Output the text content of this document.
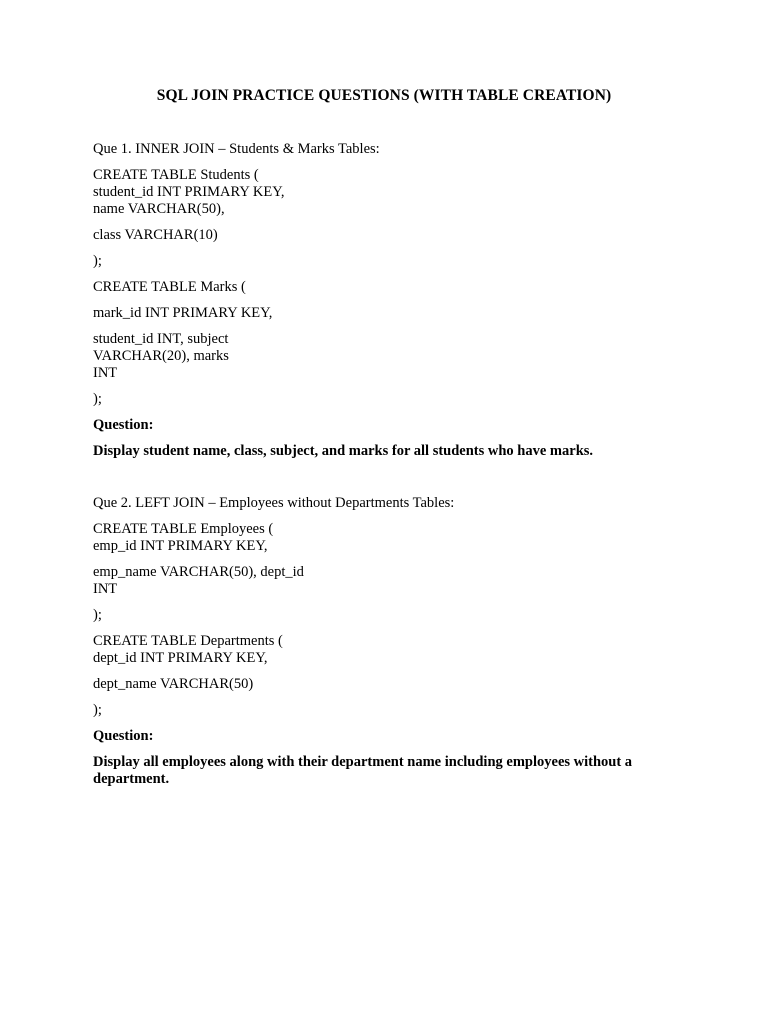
SQL JOIN PRACTICE QUESTIONS (WITH TABLE CREATION)
Que 1. INNER JOIN – Students & Marks Tables:
CREATE TABLE Students (
student_id INT PRIMARY KEY,
name VARCHAR(50),
class VARCHAR(10)
);
CREATE TABLE Marks (
mark_id INT PRIMARY KEY,
student_id INT, subject
VARCHAR(20), marks
INT
);
Question:
Display student name, class, subject, and marks for all students who have marks.
Que 2. LEFT JOIN – Employees without Departments Tables:
CREATE TABLE Employees (
emp_id INT PRIMARY KEY,
emp_name VARCHAR(50), dept_id
INT
);
CREATE TABLE Departments (
dept_id INT PRIMARY KEY,
dept_name VARCHAR(50)
);
Question:
Display all employees along with their department name including employees without a
department.
